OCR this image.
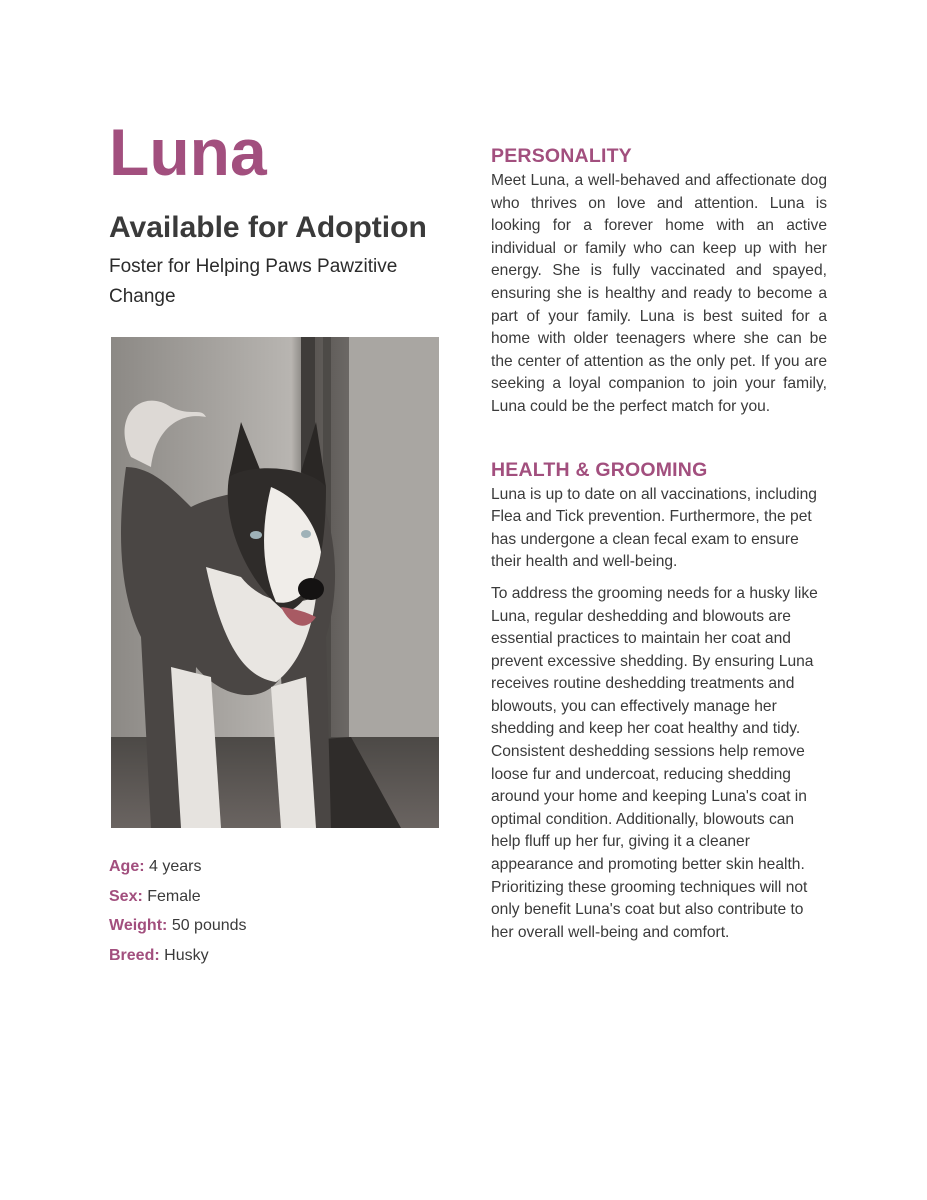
Luna
Available for Adoption
Foster for Helping Paws Pawzitive Change
Age: 4 years
Sex: Female
Weight: 50 pounds
Breed: Husky
PERSONALITY

Meet Luna, a well-behaved and affectionate dog who thrives on love and attention. Luna is looking for a forever home with an active individual or family who can keep up with her energy. She is fully vaccinated and spayed, ensuring she is healthy and ready to become a part of your family. Luna is best suited for a home with older teenagers where she can be the center of attention as the only pet. If you are seeking a loyal companion to join your family, Luna could be the perfect match for you.

HEALTH & GROOMING

Luna is up to date on all vaccinations, including Flea and Tick prevention. Furthermore, the pet has undergone a clean fecal exam to ensure their health and well-being.

To address the grooming needs for a husky like Luna, regular deshedding and blowouts are essential practices to maintain her coat and prevent excessive shedding. By ensuring Luna receives routine deshedding treatments and blowouts, you can effectively manage her shedding and keep her coat healthy and tidy. Consistent deshedding sessions help remove loose fur and undercoat, reducing shedding around your home and keeping Luna's coat in optimal condition. Additionally, blowouts can help fluff up her fur, giving it a cleaner appearance and promoting better skin health. Prioritizing these grooming techniques will not only benefit Luna's coat but also contribute to her overall well-being and comfort.
